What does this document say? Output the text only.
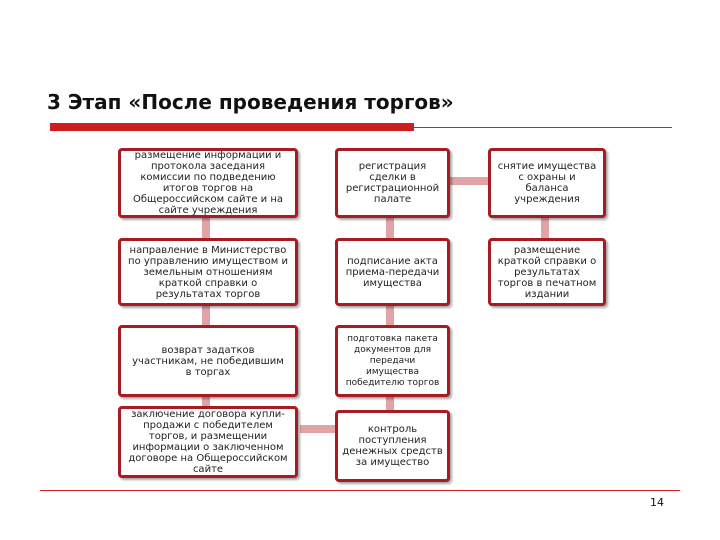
3 Этап «После проведения торгов»
размещение информации и
протокола заседания
комиссии по подведению
итогов торгов на
Общероссийском сайте и на
сайте учреждения
направление в Министерство
по управлению имуществом и
земельным отношениям
краткой справки о
результатах торгов
возврат задатков
участникам, не победившим
в торгах
заключение договора купли-
продажи с победителем
торгов, и размещении
информации о заключенном
договоре на Общероссийском
сайте
регистрация
сделки в
регистрационной
палате
подписание акта
приема-передачи
имущества
подготовка пакета
документов для
передачи
имущества
победителю торгов
контроль
поступления
денежных средств
за имущество
снятие имущества
с охраны и
баланса
учреждения
размещение
краткой справки о
результатах
торгов в печатном
издании
14
